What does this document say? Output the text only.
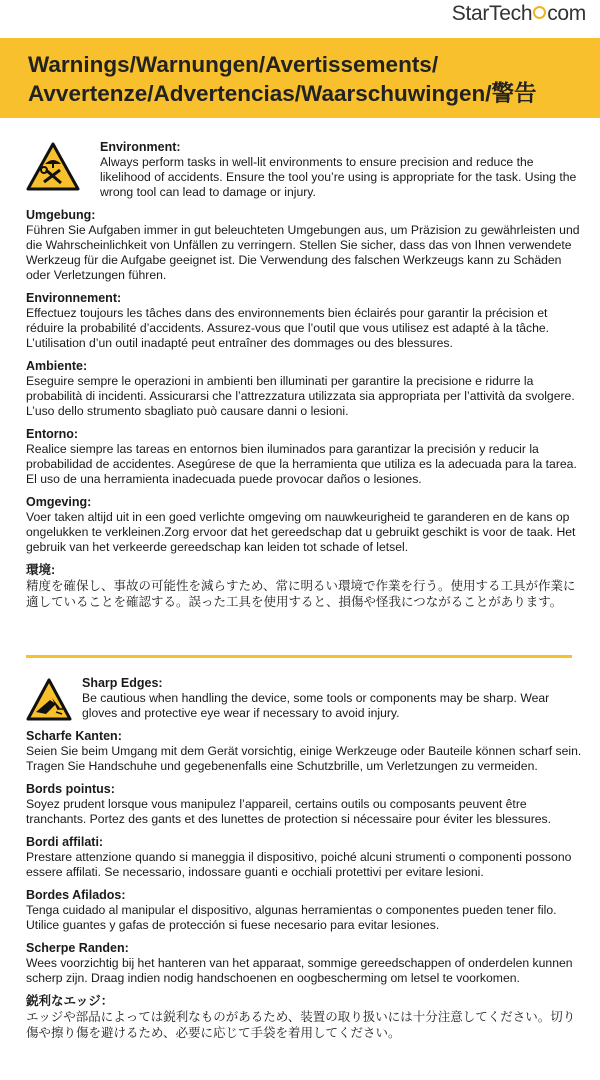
StarTech com
Warnings/Warnungen/Avertissements/ Avvertenze/Advertencias/Waarschuwingen/警告
Environment:
Always perform tasks in well-lit environments to ensure precision and reduce the likelihood of accidents. Ensure the tool you’re using is appropriate for the task. Using the wrong tool can lead to damage or injury.
Umgebung:
Führen Sie Aufgaben immer in gut beleuchteten Umgebungen aus, um Präzision zu gewährleisten und die Wahrscheinlichkeit von Unfällen zu verringern. Stellen Sie sicher, dass das von Ihnen verwendete Werkzeug für die Aufgabe geeignet ist. Die Verwendung des falschen Werkzeugs kann zu Schäden oder Verletzungen führen.
Environnement:
Effectuez toujours les tâches dans des environnements bien éclairés pour garantir la précision et réduire la probabilité d’accidents. Assurez-vous que l’outil que vous utilisez est adapté à la tâche. L’utilisation d’un outil inadapté peut entraîner des dommages ou des blessures.
Ambiente:
Eseguire sempre le operazioni in ambienti ben illuminati per garantire la precisione e ridurre la probabilità di incidenti. Assicurarsi che l’attrezzatura utilizzata sia appropriata per l’attività da svolgere. L’uso dello strumento sbagliato può causare danni o lesioni.
Entorno:
Realice siempre las tareas en entornos bien iluminados para garantizar la precisión y reducir la probabilidad de accidentes. Asegúrese de que la herramienta que utiliza es la adecuada para la tarea. El uso de una herramienta inadecuada puede provocar daños o lesiones.
Omgeving:
Voer taken altijd uit in een goed verlichte omgeving om nauwkeurigheid te garanderen en de kans op ongelukken te verkleinen.Zorg ervoor dat het gereedschap dat u gebruikt geschikt is voor de taak. Het gebruik van het verkeerde gereedschap kan leiden tot schade of letsel.
環境:
精度を確保し、事故の可能性を減らすため、常に明るい環境で作業を行う。使用する工具が作業に適していることを確認する。誤った工具を使用すると、損傷や怪我につながることがあります。
Sharp Edges:
Be cautious when handling the device, some tools or components may be sharp. Wear gloves and protective eye wear if necessary to avoid injury.
Scharfe Kanten:
Seien Sie beim Umgang mit dem Gerät vorsichtig, einige Werkzeuge oder Bauteile können scharf sein. Tragen Sie Handschuhe und gegebenenfalls eine Schutzbrille, um Verletzungen zu vermeiden.
Bords pointus:
Soyez prudent lorsque vous manipulez l’appareil, certains outils ou composants peuvent être tranchants. Portez des gants et des lunettes de protection si nécessaire pour éviter les blessures.
Bordi affilati:
Prestare attenzione quando si maneggia il dispositivo, poiché alcuni strumenti o componenti possono essere affilati. Se necessario, indossare guanti e occhiali protettivi per evitare lesioni.
Bordes Afilados:
Tenga cuidado al manipular el dispositivo, algunas herramientas o componentes pueden tener filo. Utilice guantes y gafas de protección si fuese necesario para evitar lesiones.
Scherpe Randen:
Wees voorzichtig bij het hanteren van het apparaat, sommige gereedschappen of onderdelen kunnen scherp zijn. Draag indien nodig handschoenen en oogbescherming om letsel te voorkomen.
鋭利なエッジ：
エッジや部品によっては鋭利なものがあるため、装置の取り扱いには十分注意してください。切り傷や擦り傷を避けるため、必要に応じて手袋を着用してください。
